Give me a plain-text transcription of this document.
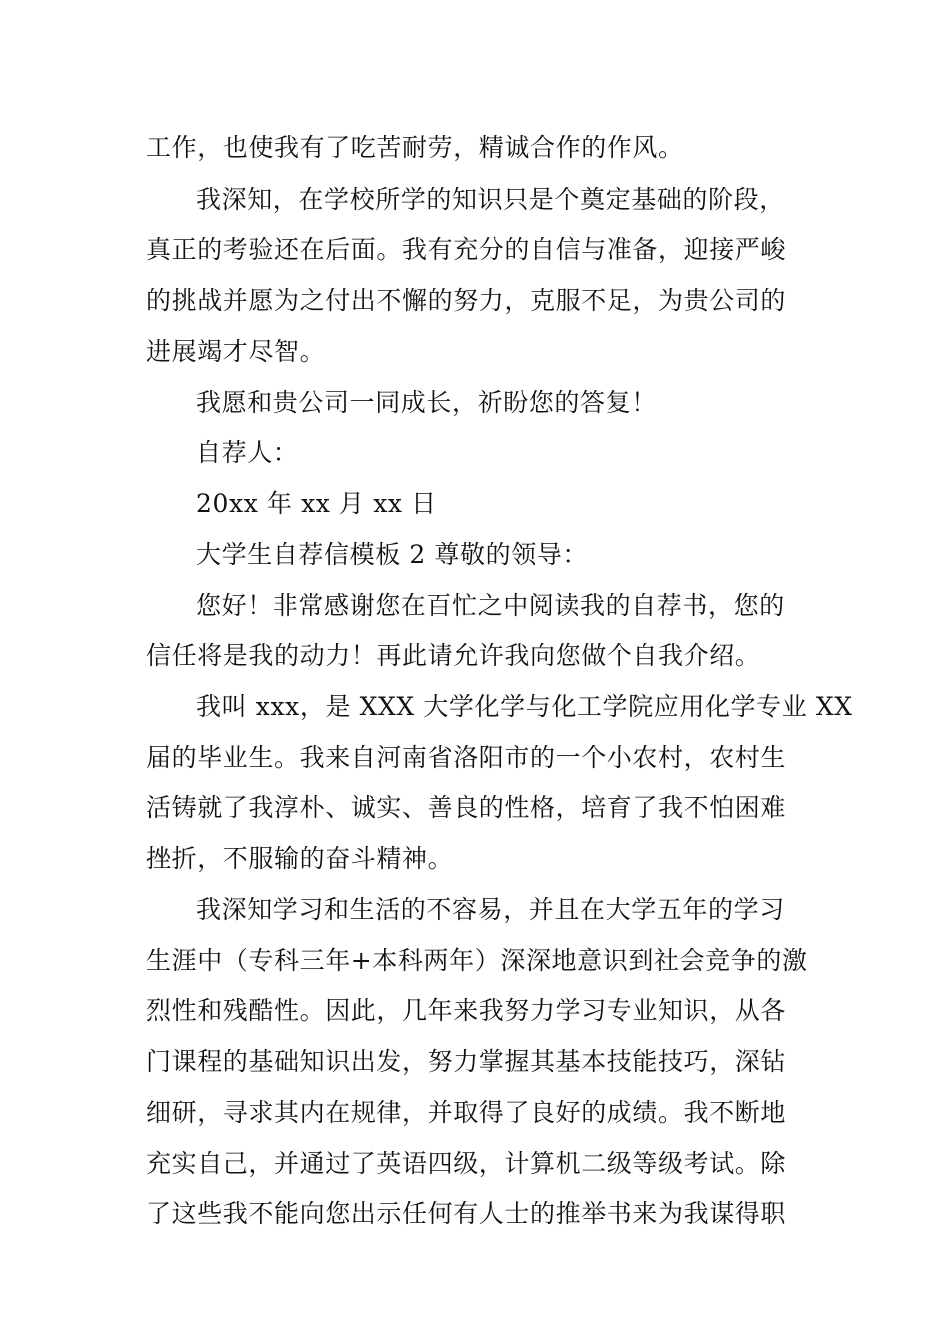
工作，也使我有了吃苦耐劳，精诚合作的作风。
我深知，在学校所学的知识只是个奠定基础的阶段，
真正的考验还在后面。我有充分的自信与准备，迎接严峻
的挑战并愿为之付出不懈的努力，克服不足，为贵公司的
进展竭才尽智。
我愿和贵公司一同成长，祈盼您的答复！
自荐人：
20xx 年 xx 月 xx 日
大学生自荐信模板 2 尊敬的领导：
您好！非常感谢您在百忙之中阅读我的自荐书，您的
信任将是我的动力！再此请允许我向您做个自我介绍。
我叫 xxx，是 XXX 大学化学与化工学院应用化学专业 XX
届的毕业生。我来自河南省洛阳市的一个小农村，农村生
活铸就了我淳朴、诚实、善良的性格，培育了我不怕困难
挫折，不服输的奋斗精神。
我深知学习和生活的不容易，并且在大学五年的学习
生涯中（专科三年+本科两年）深深地意识到社会竞争的激
烈性和残酷性。因此，几年来我努力学习专业知识，从各
门课程的基础知识出发，努力掌握其基本技能技巧，深钻
细研，寻求其内在规律，并取得了良好的成绩。我不断地
充实自己，并通过了英语四级，计算机二级等级考试。除
了这些我不能向您出示任何有人士的推举书来为我谋得职
